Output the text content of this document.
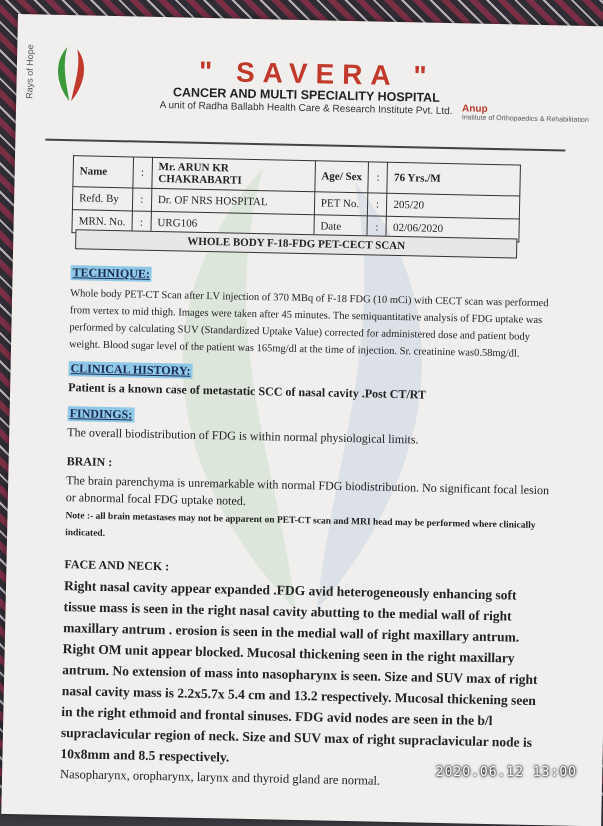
Rays of Hope	" SAVERA "
CANCER AND MULTI SPECIALITY HOSPITAL
A unit of Radha Ballabh Health Care & Research Institute Pvt. Ltd. Anup
Institute of Orthopaedics & Rehabilitation
Name	:	Mr. ARUN KR CHAKRABARTI	Age/ Sex	:	76 Yrs./M
Refd. By	:	Dr. OF NRS HOSPITAL	PET No.	:	205/20
MRN. No.	:	URG106	Date	:	02/06/2020
WHOLE BODY F-18-FDG PET-CECT SCAN
TECHNIQUE:

Whole body PET-CT Scan after I.V injection of 370 MBq of F-18 FDG (10 mCi) with CECT scan was performed from vertex to mid thigh. Images were taken after 45 minutes. The semiquantitative analysis of FDG uptake was performed by calculating SUV (Standardized Uptake Value) corrected for administered dose and patient body weight. Blood sugar level of the patient was 165mg/dl at the time of injection. Sr. creatinine was0.58mg/dl.

CLINICAL HISTORY:

Patient is a known case of metastatic SCC of nasal cavity .Post CT/RT

FINDINGS:

The overall biodistribution of FDG is within normal physiological limits.

BRAIN :

The brain parenchyma is unremarkable with normal FDG biodistribution. No significant focal lesion or abnormal focal FDG uptake noted.

Note :- all brain metastases may not be apparent on PET-CT scan and MRI head may be performed where clinically indicated.

FACE AND NECK :

Right nasal cavity appear expanded .FDG avid heterogeneously enhancing soft tissue mass is seen in the right nasal cavity abutting to the medial wall of right maxillary antrum . erosion is seen in the medial wall of right maxillary antrum. Right OM unit appear blocked. Mucosal thickening seen in the right maxillary antrum. No extension of mass into nasopharynx is seen. Size and SUV max of right nasal cavity mass is 2.2x5.7x 5.4 cm and 13.2 respectively. Mucosal thickening seen in the right ethmoid and frontal sinuses. FDG avid nodes are seen in the b/l supraclavicular region of neck. Size and SUV max of right supraclavicular node is 10x8mm and 8.5 respectively.

Nasopharynx, oropharynx, larynx and thyroid gland are normal.	2020.06.12 13:00
